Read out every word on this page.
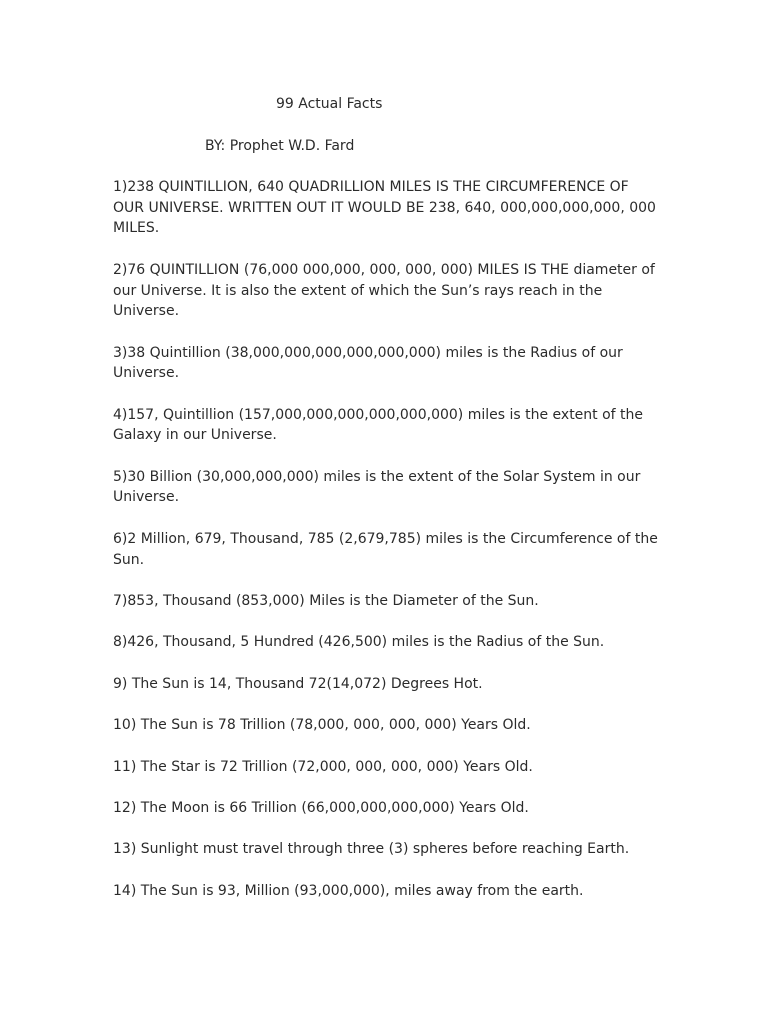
99 Actual Facts
BY: Prophet W.D. Fard
1)238 QUINTILLION, 640 QUADRILLION MILES IS THE CIRCUMFERENCE OF OUR UNIVERSE. WRITTEN OUT IT WOULD BE 238, 640, 000,000,000,000, 000 MILES.
2)76 QUINTILLION (76,000 000,000, 000, 000, 000) MILES IS THE diameter of our Universe. It is also the extent of which the Sun’s rays reach in the Universe.
3)38 Quintillion (38,000,000,000,000,000,000) miles is the Radius of our Universe.
4)157, Quintillion (157,000,000,000,000,000,000) miles is the extent of the Galaxy in our Universe.
5)30 Billion (30,000,000,000) miles is the extent of the Solar System in our Universe.
6)2 Million, 679, Thousand, 785 (2,679,785) miles is the Circumference of the Sun.
7)853, Thousand (853,000) Miles is the Diameter of the Sun.
8)426, Thousand, 5 Hundred (426,500) miles is the Radius of the Sun.
9) The Sun is 14, Thousand 72(14,072) Degrees Hot.
10) The Sun is 78 Trillion (78,000, 000, 000, 000) Years Old.
11) The Star is 72 Trillion (72,000, 000, 000, 000) Years Old.
12) The Moon is 66 Trillion (66,000,000,000,000) Years Old.
13) Sunlight must travel through three (3) spheres before reaching Earth.
14) The Sun is 93, Million (93,000,000), miles away from the earth.
